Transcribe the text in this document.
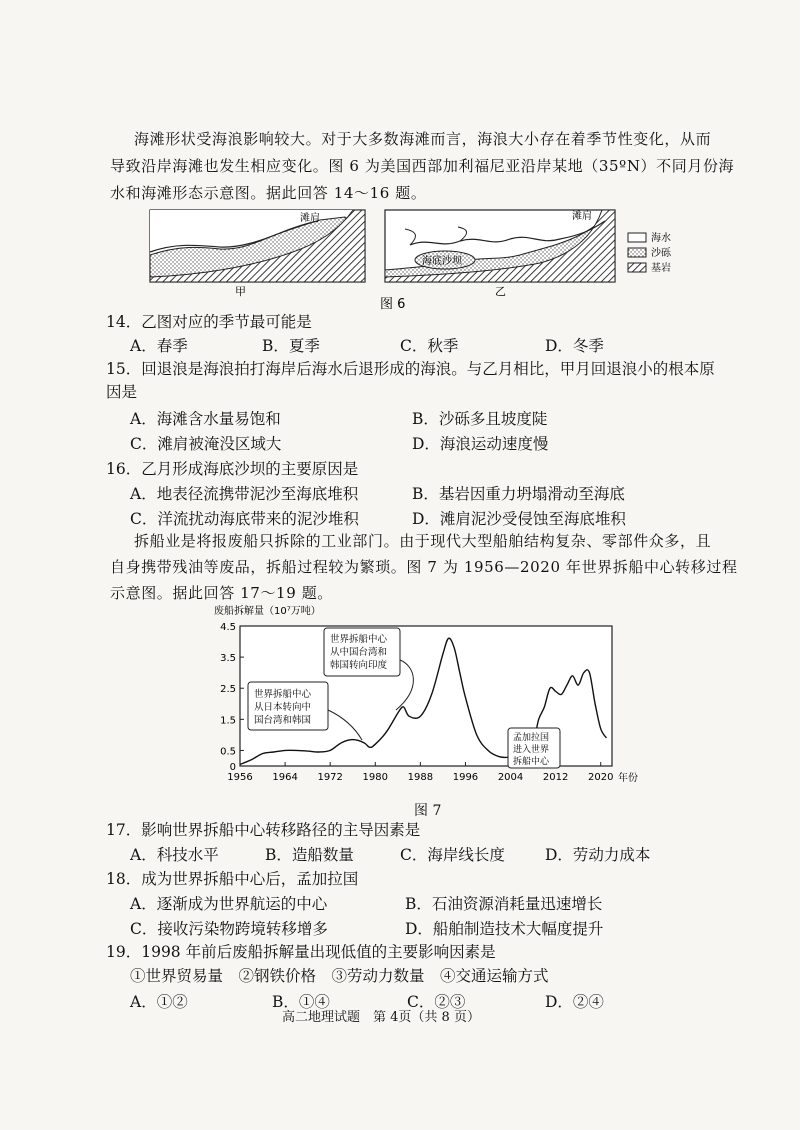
海滩形状受海浪影响较大。对于大多数海滩而言，海浪大小存在着季节性变化，从而
导致沿岸海滩也发生相应变化。图 6 为美国西部加利福尼亚沿岸某地（35ºN）不同月份海
水和海滩形态示意图。据此回答 14～16 题。
滩肩
海底沙坝
滩肩
海水
沙砾
基岩
甲	乙
图 6
14．乙图对应的季节最可能是
A．春季	B．夏季	C．秋季	D．冬季
15．回退浪是海浪拍打海岸后海水后退形成的海浪。与乙月相比，甲月回退浪小的根本原
因是
A．海滩含水量易饱和	B．沙砾多且坡度陡
C．滩肩被淹没区域大	D．海浪运动速度慢
16．乙月形成海底沙坝的主要原因是
A．地表径流携带泥沙至海底堆积	B．基岩因重力坍塌滑动至海底
C．洋流扰动海底带来的泥沙堆积	D．滩肩泥沙受侵蚀至海底堆积
拆船业是将报废船只拆除的工业部门。由于现代大型船舶结构复杂、零部件众多，且
自身携带残油等废品，拆船过程较为繁琐。图 7 为 1956—2020 年世界拆船中心转移过程
示意图。据此回答 17～19 题。
废船拆解量（10⁷万吨）
0
0.5
1.5
2.5
3.5
4.5
1956 1964 1972 1980 1988 1996 2004 2012 2020 年份
世界拆船中心
从日本转向中
国台湾和韩国
世界拆船中心
从中国台湾和
韩国转向印度
孟加拉国
进入世界
拆船中心
图 7
17．影响世界拆船中心转移路径的主导因素是
A．科技水平	B．造船数量	C．海岸线长度	D．劳动力成本
18．成为世界拆船中心后，孟加拉国
A．逐渐成为世界航运的中心	B．石油资源消耗量迅速增长
C．接收污染物跨境转移增多	D．船舶制造技术大幅度提升
19．1998 年前后废船拆解量出现低值的主要影响因素是
①世界贸易量　②钢铁价格　③劳动力数量　④交通运输方式
A．①②	B．①④	C．②③	D．②④
高二地理试题　第 4页（共 8 页）
